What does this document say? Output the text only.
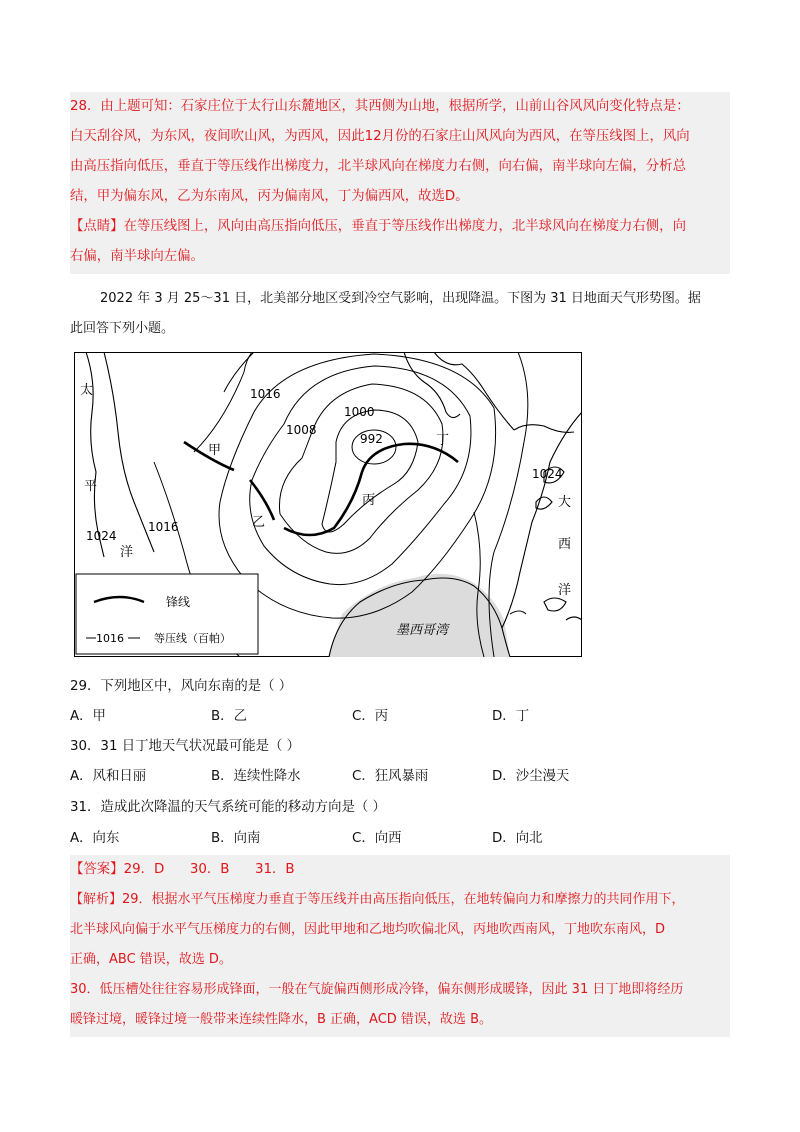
28．由上题可知：石家庄位于太行山东麓地区，其西侧为山地，根据所学，山前山谷风风向变化特点是：

白天刮谷风，为东风，夜间吹山风，为西风，因此12月份的石家庄山风风向为西风，在等压线图上，风向

由高压指向低压，垂直于等压线作出梯度力，北半球风向在梯度力右侧，向右偏，南半球向左偏，分析总

结，甲为偏东风，乙为东南风，丙为偏南风，丁为偏西风，故选D。

【点睛】在等压线图上，风向由高压指向低压，垂直于等压线作出梯度力，北半球风向在梯度力右侧，向

右偏，南半球向左偏。

2022 年 3 月 25～31 日，北美部分地区受到冷空气影响，出现降温。下图为 31 日地面天气形势图。据

此回答下列小题。

1016
1008
1000
992
1016
1024
1024
甲
乙
丙
丁
太
平
洋
大
西
洋
墨西哥湾
锋线
1016	等压线（百帕）
29．下列地区中，风向东南的是（ ）
A．甲	B．乙	C．丙	D．丁
30．31 日丁地天气状况最可能是（ ）
A．风和日丽	B．连续性降水	C．狂风暴雨	D．沙尘漫天
31．造成此次降温的天气系统可能的移动方向是（ ）
A．向东	B．向南	C．向西	D．向北

【答案】29．D      30．B      31．B

【解析】29．根据水平气压梯度力垂直于等压线并由高压指向低压，在地转偏向力和摩擦力的共同作用下，

北半球风向偏于水平气压梯度力的右侧，因此甲地和乙地均吹偏北风，丙地吹西南风，丁地吹东南风，D

正确，ABC 错误，故选 D。

30．低压槽处往往容易形成锋面，一般在气旋偏西侧形成冷锋，偏东侧形成暖锋，因此 31 日丁地即将经历

暖锋过境，暖锋过境一般带来连续性降水，B 正确，ACD 错误，故选 B。
